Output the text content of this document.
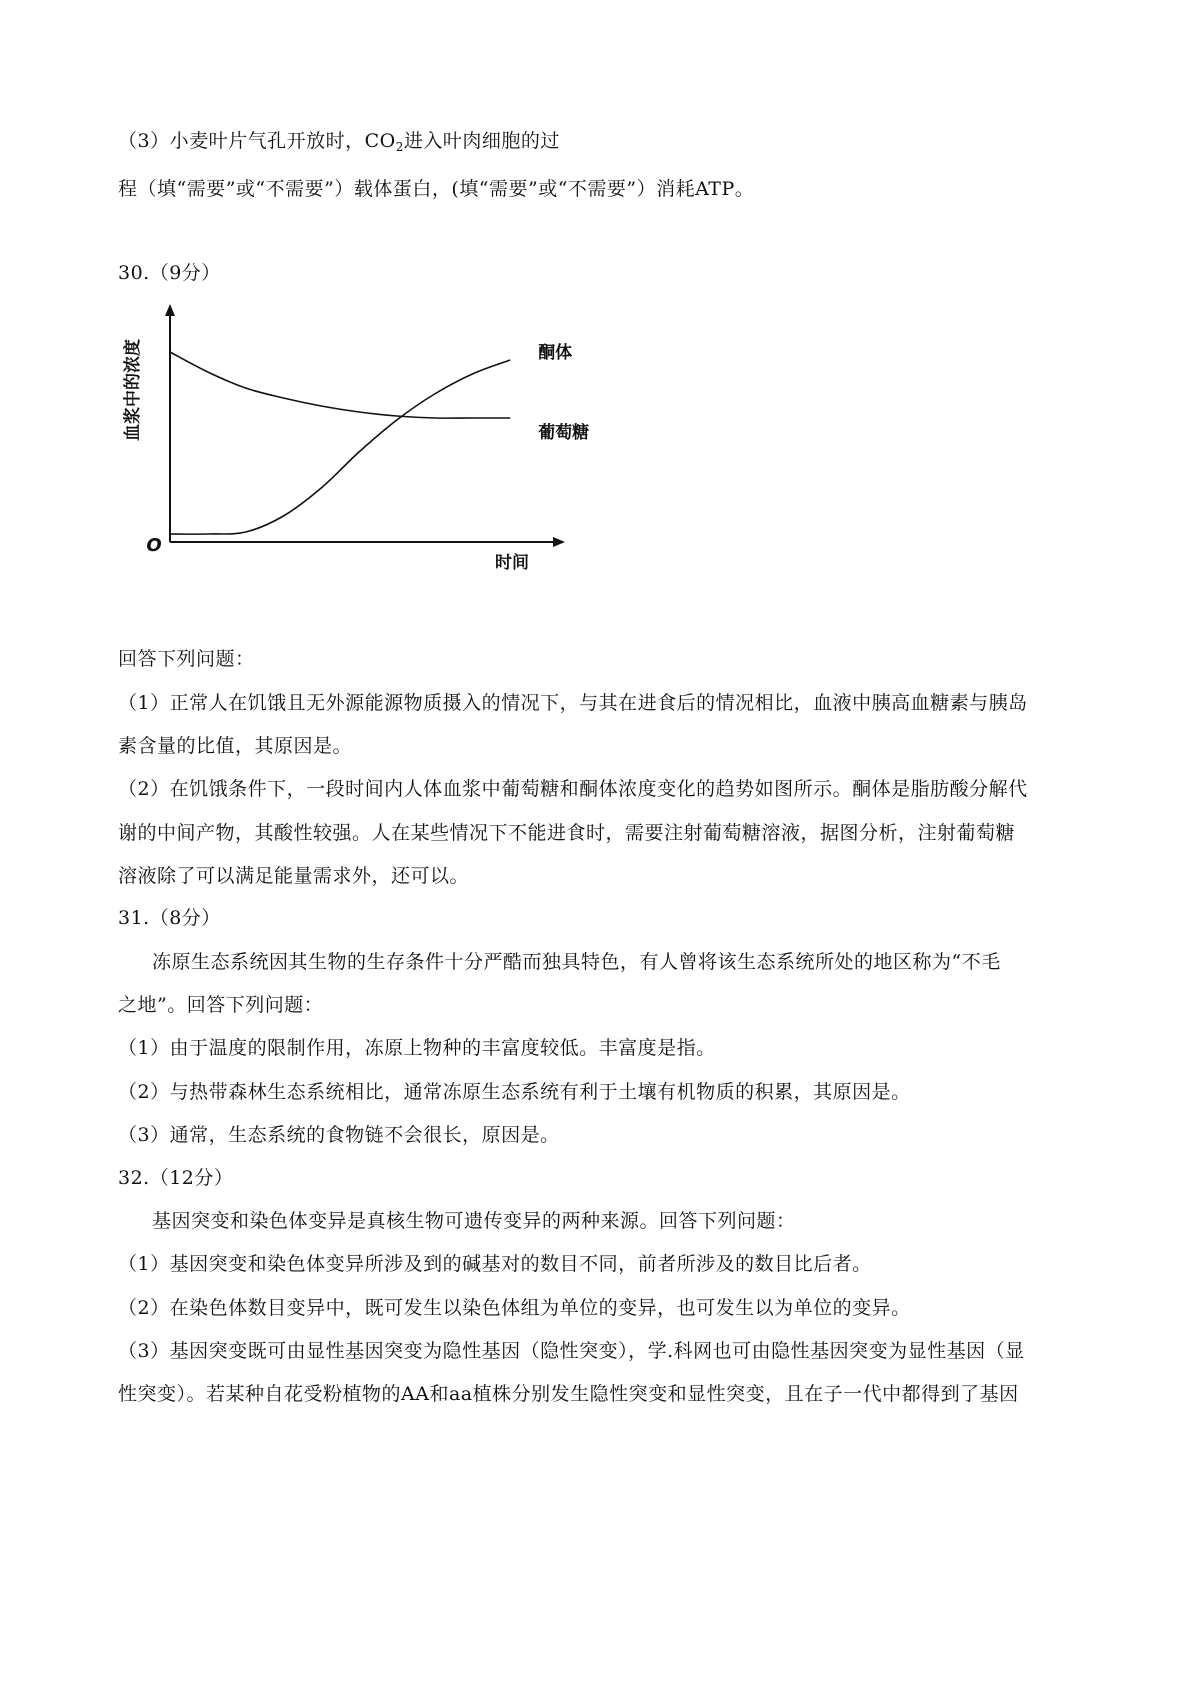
（3）小麦叶片气孔开放时，$CO_2$进入叶肉细胞的过
程（填“需要”或“不需要”）载体蛋白，(填“需要”或“不需要”）消耗ATP。
30.（9分）
O
时间
血浆中的浓度	酮体
葡萄糖
回答下列问题：
（1）正常人在饥饿且无外源能源物质摄入的情况下，与其在进食后的情况相比，血液中胰高血糖素与胰岛
素含量的比值，其原因是。
（2）在饥饿条件下，一段时间内人体血浆中葡萄糖和酮体浓度变化的趋势如图所示。酮体是脂肪酸分解代
谢的中间产物，其酸性较强。人在某些情况下不能进食时，需要注射葡萄糖溶液，据图分析，注射葡萄糖
溶液除了可以满足能量需求外，还可以。
31.（8分）
冻原生态系统因其生物的生存条件十分严酷而独具特色，有人曾将该生态系统所处的地区称为“不毛
之地”。回答下列问题：
（1）由于温度的限制作用，冻原上物种的丰富度较低。丰富度是指。
（2）与热带森林生态系统相比，通常冻原生态系统有利于土壤有机物质的积累，其原因是。
（3）通常，生态系统的食物链不会很长，原因是。
32.（12分）
基因突变和染色体变异是真核生物可遗传变异的两种来源。回答下列问题：
（1）基因突变和染色体变异所涉及到的碱基对的数目不同，前者所涉及的数目比后者。
（2）在染色体数目变异中，既可发生以染色体组为单位的变异，也可发生以为单位的变异。
（3）基因突变既可由显性基因突变为隐性基因（隐性突变），学.科网也可由隐性基因突变为显性基因（显
性突变）。若某种自花受粉植物的AA和aa植株分别发生隐性突变和显性突变，且在子一代中都得到了基因
